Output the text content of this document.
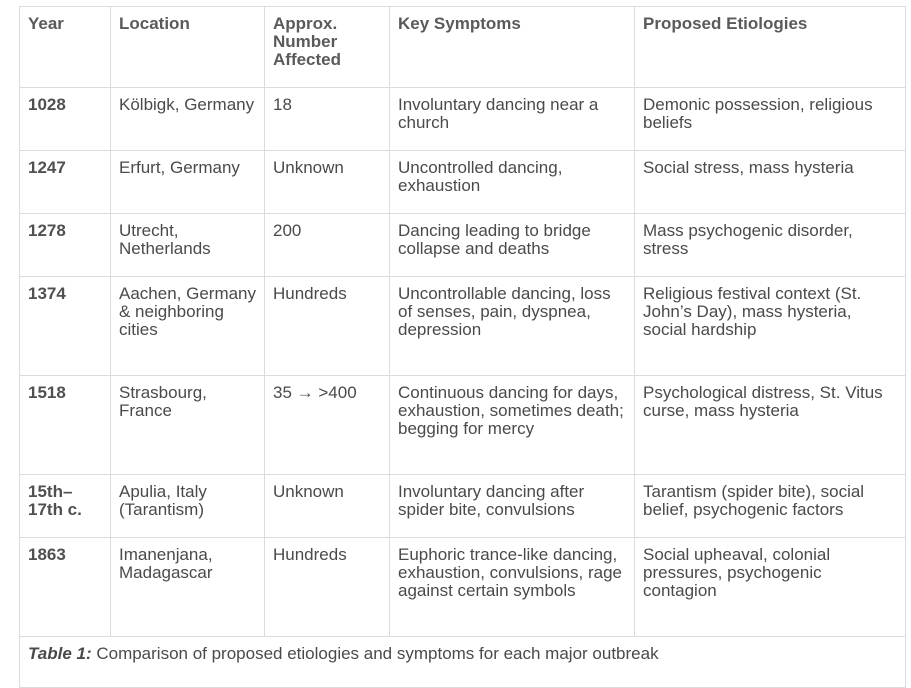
Year	Location	Approx. Number Affected	Key Symptoms	Proposed Etiologies
1028	Kölbigk, Germany	18	Involuntary dancing near a church	Demonic possession, religious beliefs
1247	Erfurt, Germany	Unknown	Uncontrolled dancing, exhaustion	Social stress, mass hysteria
1278	Utrecht, Netherlands	200	Dancing leading to bridge collapse and deaths	Mass psychogenic disorder, stress
1374	Aachen, Germany & neighboring cities	Hundreds	Uncontrollable dancing, loss of senses, pain, dyspnea, depression	Religious festival context (St. John’s Day), mass hysteria, social hardship
1518	Strasbourg, France	35 → >400	Continuous dancing for days, exhaustion, sometimes death; begging for mercy	Psychological distress, St. Vitus curse, mass hysteria
15th–17th c.	Apulia, Italy (Tarantism)	Unknown	Involuntary dancing after spider bite, convulsions	Tarantism (spider bite), social belief, psychogenic factors
1863	Imanenjana, Madagascar	Hundreds	Euphoric trance-like dancing, exhaustion, convulsions, rage against certain symbols	Social upheaval, colonial pressures, psychogenic contagion
Table 1: Comparison of proposed etiologies and symptoms for each major outbreak				
